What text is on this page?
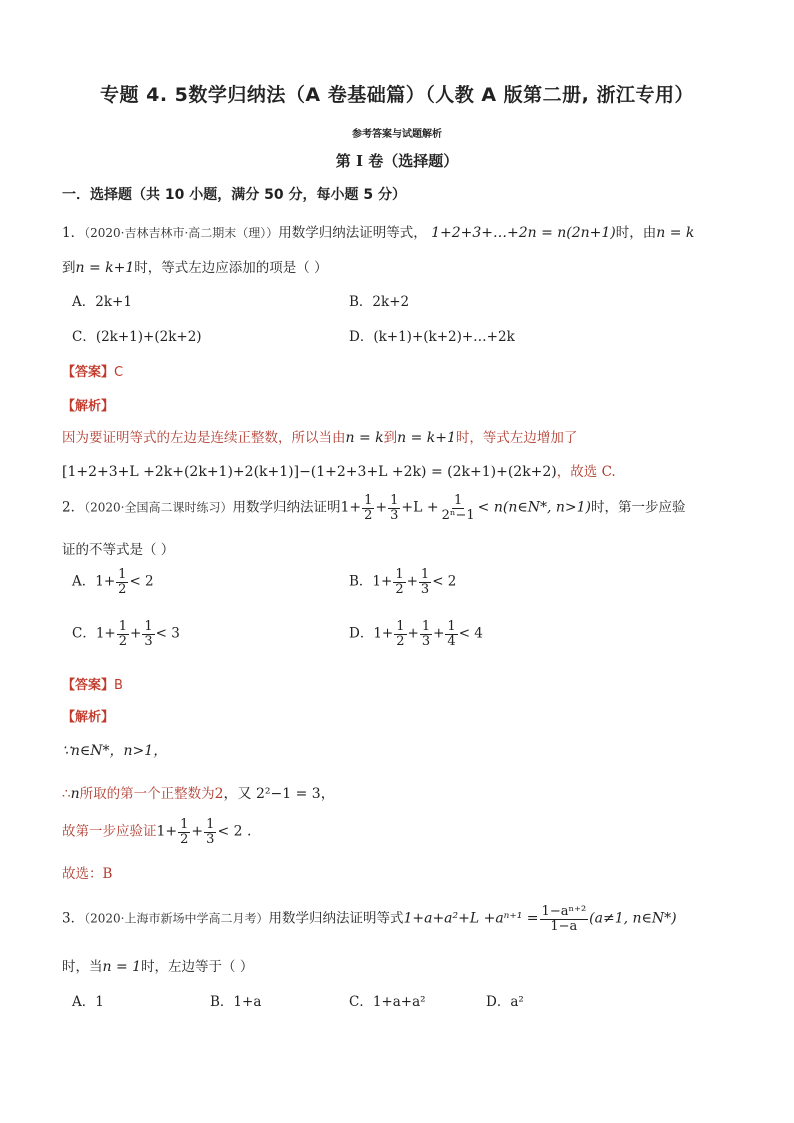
专题 4. 5数学归纳法（A 卷基础篇）（人教 A 版第二册, 浙江专用）
参考答案与试题解析
第 I 卷（选择题）
一．选择题（共 10 小题，满分 50 分，每小题 5 分）
1．（2020·吉林吉林市·高二期末（理））用数学归纳法证明等式， 1+2+3+…+2n = n(2n+1)时，由n = k
到n = k+1时，等式左边应添加的项是（ ）
A．2k+1	B．2k+2
C．(2k+1)+(2k+2)	D．(k+1)+(k+2)+…+2k
【答案】C
【解析】
因为要证明等式的左边是连续正整数，所以当由n = k到n = k+1时，等式左边增加了
[1+2+3+L +2k+(2k+1)+2(k+1)]−(1+2+3+L +2k) = (2k+1)+(2k+2)，故选 C.
2．（2020·全国高二课时练习）用数学归纳法证明$1+ \frac{1}{2} + \frac{1}{3} +L + \frac{1}{\text{2ⁿ−1}}$ < n(n∈N*, n>1)时，第一步应验
证的不等式是（ ）
A．$1+ \frac{1}{2} < 2$	B．$1+ \frac{1}{2} + \frac{1}{3} < 2$
C．$1+ \frac{1}{2} + \frac{1}{3} < 3$	D．$1+ \frac{1}{2} + \frac{1}{3} + \frac{1}{4} < 4$
【答案】B
【解析】
∵n∈N*，n>1，
∴n所取的第一个正整数为2，又 2²−1 = 3，
故第一步应验证$1+ \frac{1}{2} + \frac{1}{3} < 2$ .
故选：B
3．（2020·上海市新场中学高二月考）用数学归纳法证明等式$1+a+a^2+L +a^{n+1} = \frac{\text{1−aⁿ⁺²}}{1-a} (a\ne 1$, n∈N*)
时，当n = 1时，左边等于（ ）
A．1	B．1+a	C．1+a+a²	D．a²
